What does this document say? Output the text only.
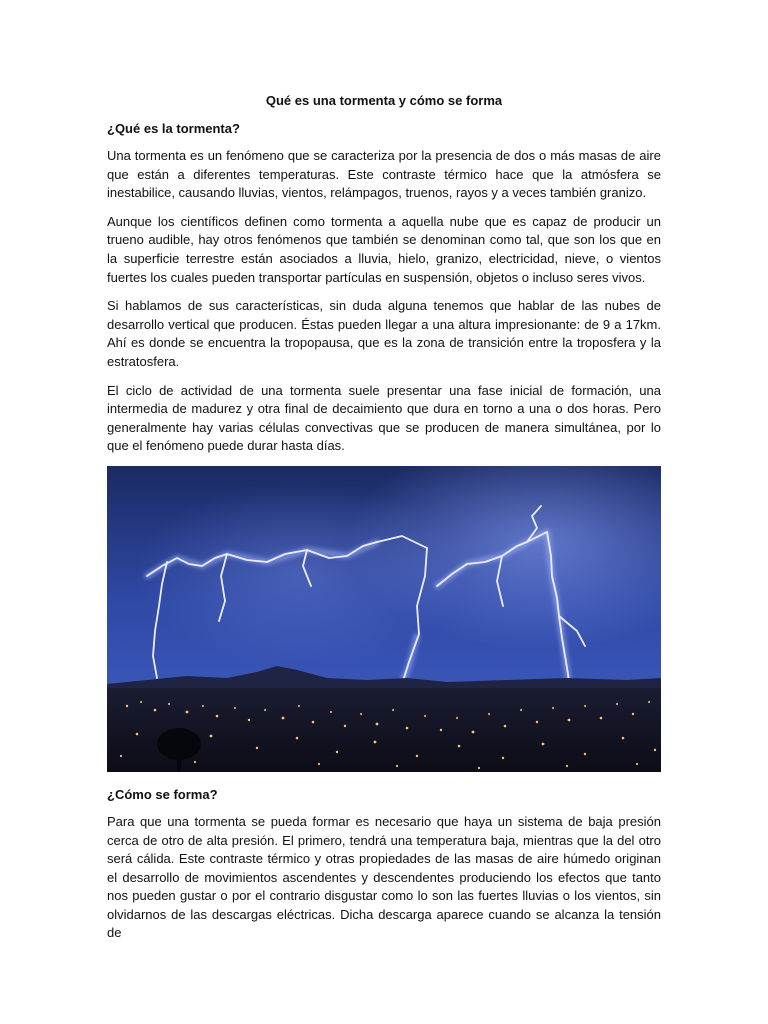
Qué es una tormenta y cómo se forma
¿Qué es la tormenta?

Una tormenta es un fenómeno que se caracteriza por la presencia de dos o más masas de aire que están a diferentes temperaturas. Este contraste térmico hace que la atmósfera se inestabilice, causando lluvias, vientos, relámpagos, truenos, rayos y a veces también granizo.

Aunque los científicos definen como tormenta a aquella nube que es capaz de producir un trueno audible, hay otros fenómenos que también se denominan como tal, que son los que en la superficie terrestre están asociados a lluvia, hielo, granizo, electricidad, nieve, o vientos fuertes los cuales pueden transportar partículas en suspensión, objetos o incluso seres vivos.

Si hablamos de sus características, sin duda alguna tenemos que hablar de las nubes de desarrollo vertical que producen. Éstas pueden llegar a una altura impresionante: de 9 a 17km. Ahí es donde se encuentra la tropopausa, que es la zona de transición entre la troposfera y la estratosfera.

El ciclo de actividad de una tormenta suele presentar una fase inicial de formación, una intermedia de madurez y otra final de decaimiento que dura en torno a una o dos horas. Pero generalmente hay varias células convectivas que se producen de manera simultánea, por lo que el fenómeno puede durar hasta días.

¿Cómo se forma?

Para que una tormenta se pueda formar es necesario que haya un sistema de baja presión cerca de otro de alta presión. El primero, tendrá una temperatura baja, mientras que la del otro será cálida. Este contraste térmico y otras propiedades de las masas de aire húmedo originan el desarrollo de movimientos ascendentes y descendentes produciendo los efectos que tanto nos pueden gustar o por el contrario disgustar como lo son las fuertes lluvias o los vientos, sin olvidarnos de las descargas eléctricas. Dicha descarga aparece cuando se alcanza la tensión de
